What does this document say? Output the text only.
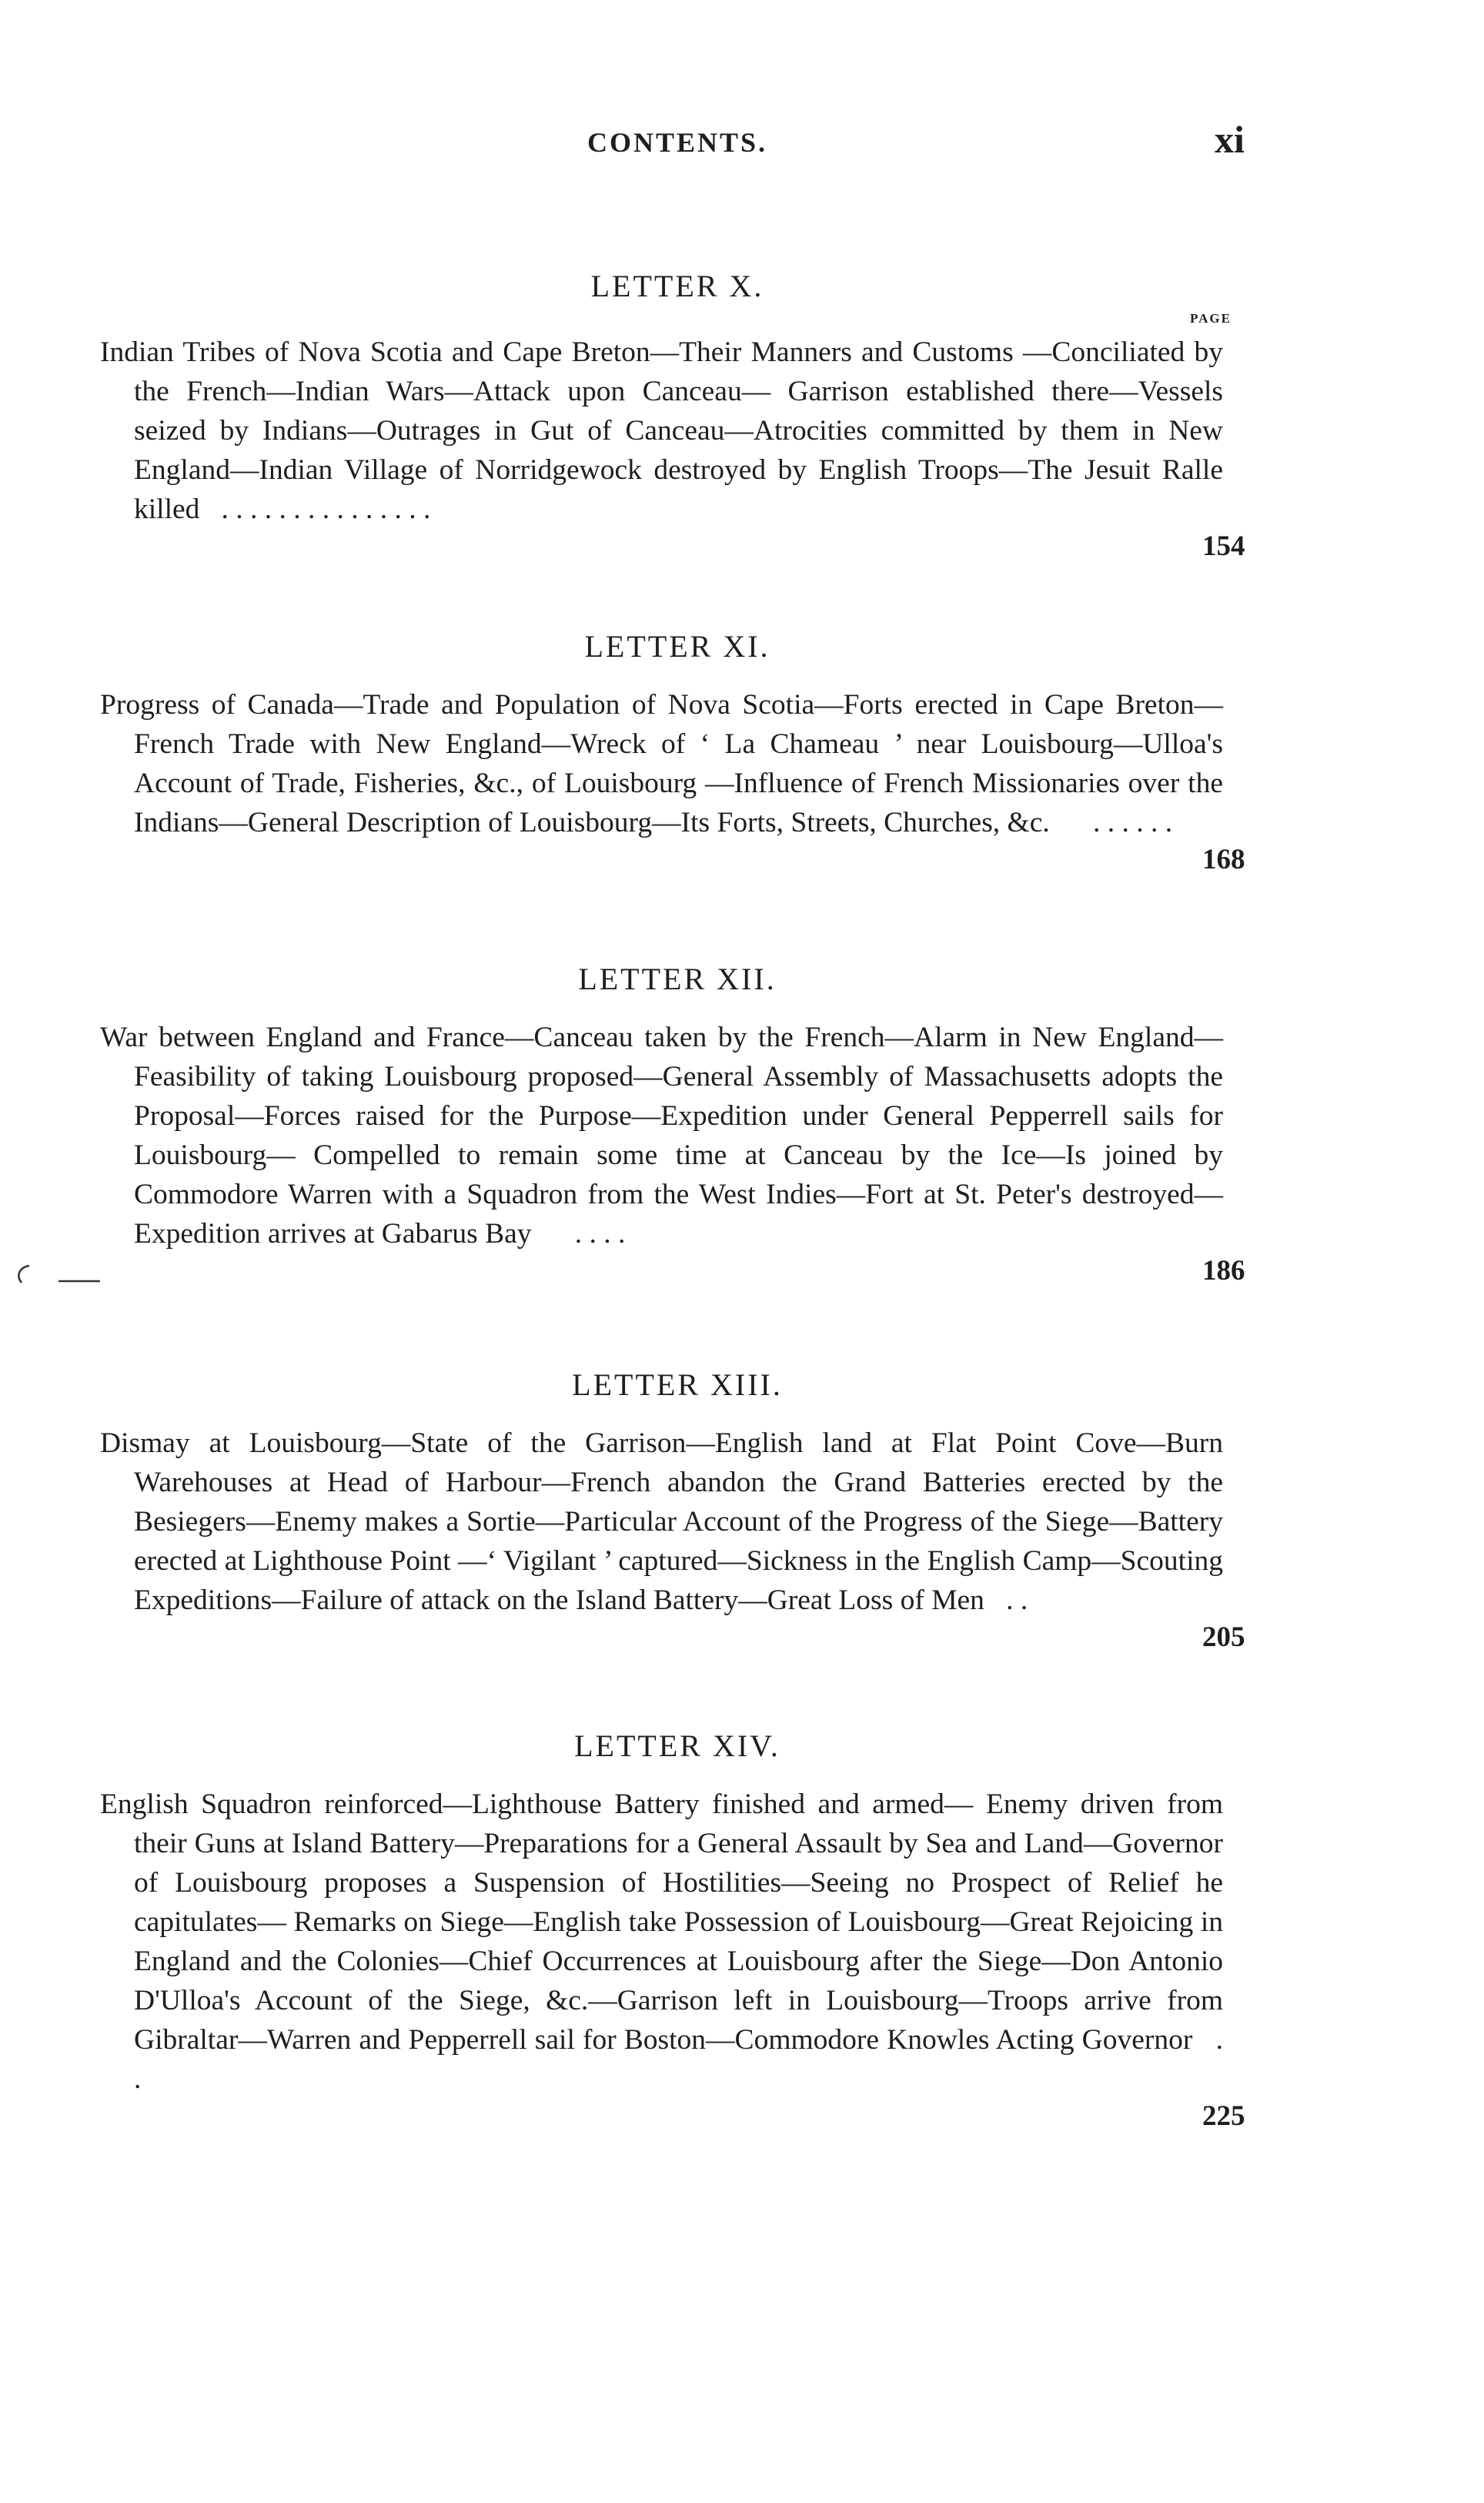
CONTENTS.	xi
LETTER X.
PAGE
Indian Tribes of Nova Scotia and Cape Breton—Their Manners and Customs —Conciliated by the French—Indian Wars—Attack upon Canceau— Garrison established there—Vessels seized by Indians—Outrages in Gut of Canceau—Atrocities committed by them in New England—Indian Village of Norridgewock destroyed by English Troops—The Jesuit Ralle killed . . . . . . . . . . . . . . .
154
LETTER XI.
Progress of Canada—Trade and Population of Nova Scotia—Forts erected in Cape Breton—French Trade with New England—Wreck of ‘ La Chameau ’ near Louisbourg—Ulloa's Account of Trade, Fisheries, &c., of Louisbourg —Influence of French Missionaries over the Indians—General Description of Louisbourg—Its Forts, Streets, Churches, &c. . . . . . .
168
LETTER XII.
War between England and France—Canceau taken by the French—Alarm in New England—Feasibility of taking Louisbourg proposed—General Assembly of Massachusetts adopts the Proposal—Forces raised for the Purpose—Expedition under General Pepperrell sails for Louisbourg— Compelled to remain some time at Canceau by the Ice—Is joined by Commodore Warren with a Squadron from the West Indies—Fort at St. Peter's destroyed—Expedition arrives at Gabarus Bay . . . .
186
LETTER XIII.
Dismay at Louisbourg—State of the Garrison—English land at Flat Point Cove—Burn Warehouses at Head of Harbour—French abandon the Grand Batteries erected by the Besiegers—Enemy makes a Sortie—Particular Account of the Progress of the Siege—Battery erected at Lighthouse Point —‘ Vigilant ’ captured—Sickness in the English Camp—Scouting Expeditions—Failure of attack on the Island Battery—Great Loss of Men . .
205
LETTER XIV.
English Squadron reinforced—Lighthouse Battery finished and armed— Enemy driven from their Guns at Island Battery—Preparations for a General Assault by Sea and Land—Governor of Louisbourg proposes a Suspension of Hostilities—Seeing no Prospect of Relief he capitulates— Remarks on Siege—English take Possession of Louisbourg—Great Rejoicing in England and the Colonies—Chief Occurrences at Louisbourg after the Siege—Don Antonio D'Ulloa's Account of the Siege, &c.—Garrison left in Louisbourg—Troops arrive from Gibraltar—Warren and Pepperrell sail for Boston—Commodore Knowles Acting Governor . .
225
